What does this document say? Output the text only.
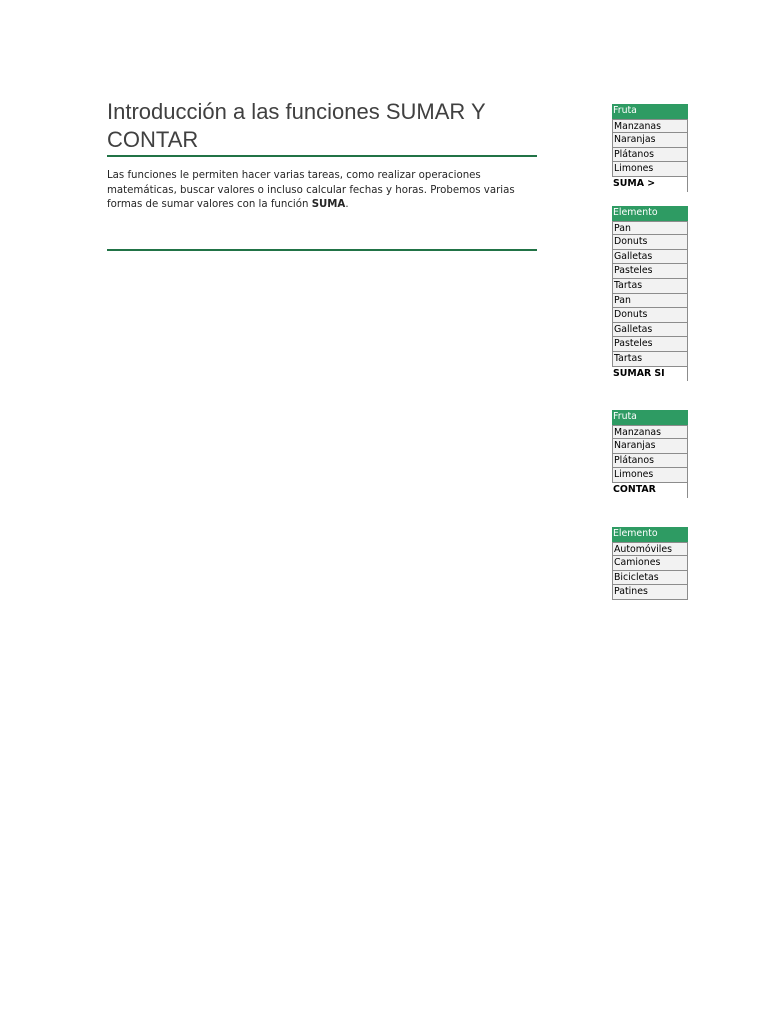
Introducción a las funciones SUMAR Y CONTAR

Las funciones le permiten hacer varias tareas, como realizar operaciones matemáticas, buscar valores o incluso calcular fechas y horas. Probemos varias formas de sumar valores con la función SUMA.

Fruta
Manzanas
Naranjas
Plátanos
Limones
SUMA >
Elemento
Pan
Donuts
Galletas
Pasteles
Tartas
Pan
Donuts
Galletas
Pasteles
Tartas
SUMAR SI
Fruta
Manzanas
Naranjas
Plátanos
Limones
CONTAR
Elemento
Automóviles
Camiones
Bicicletas
Patines
